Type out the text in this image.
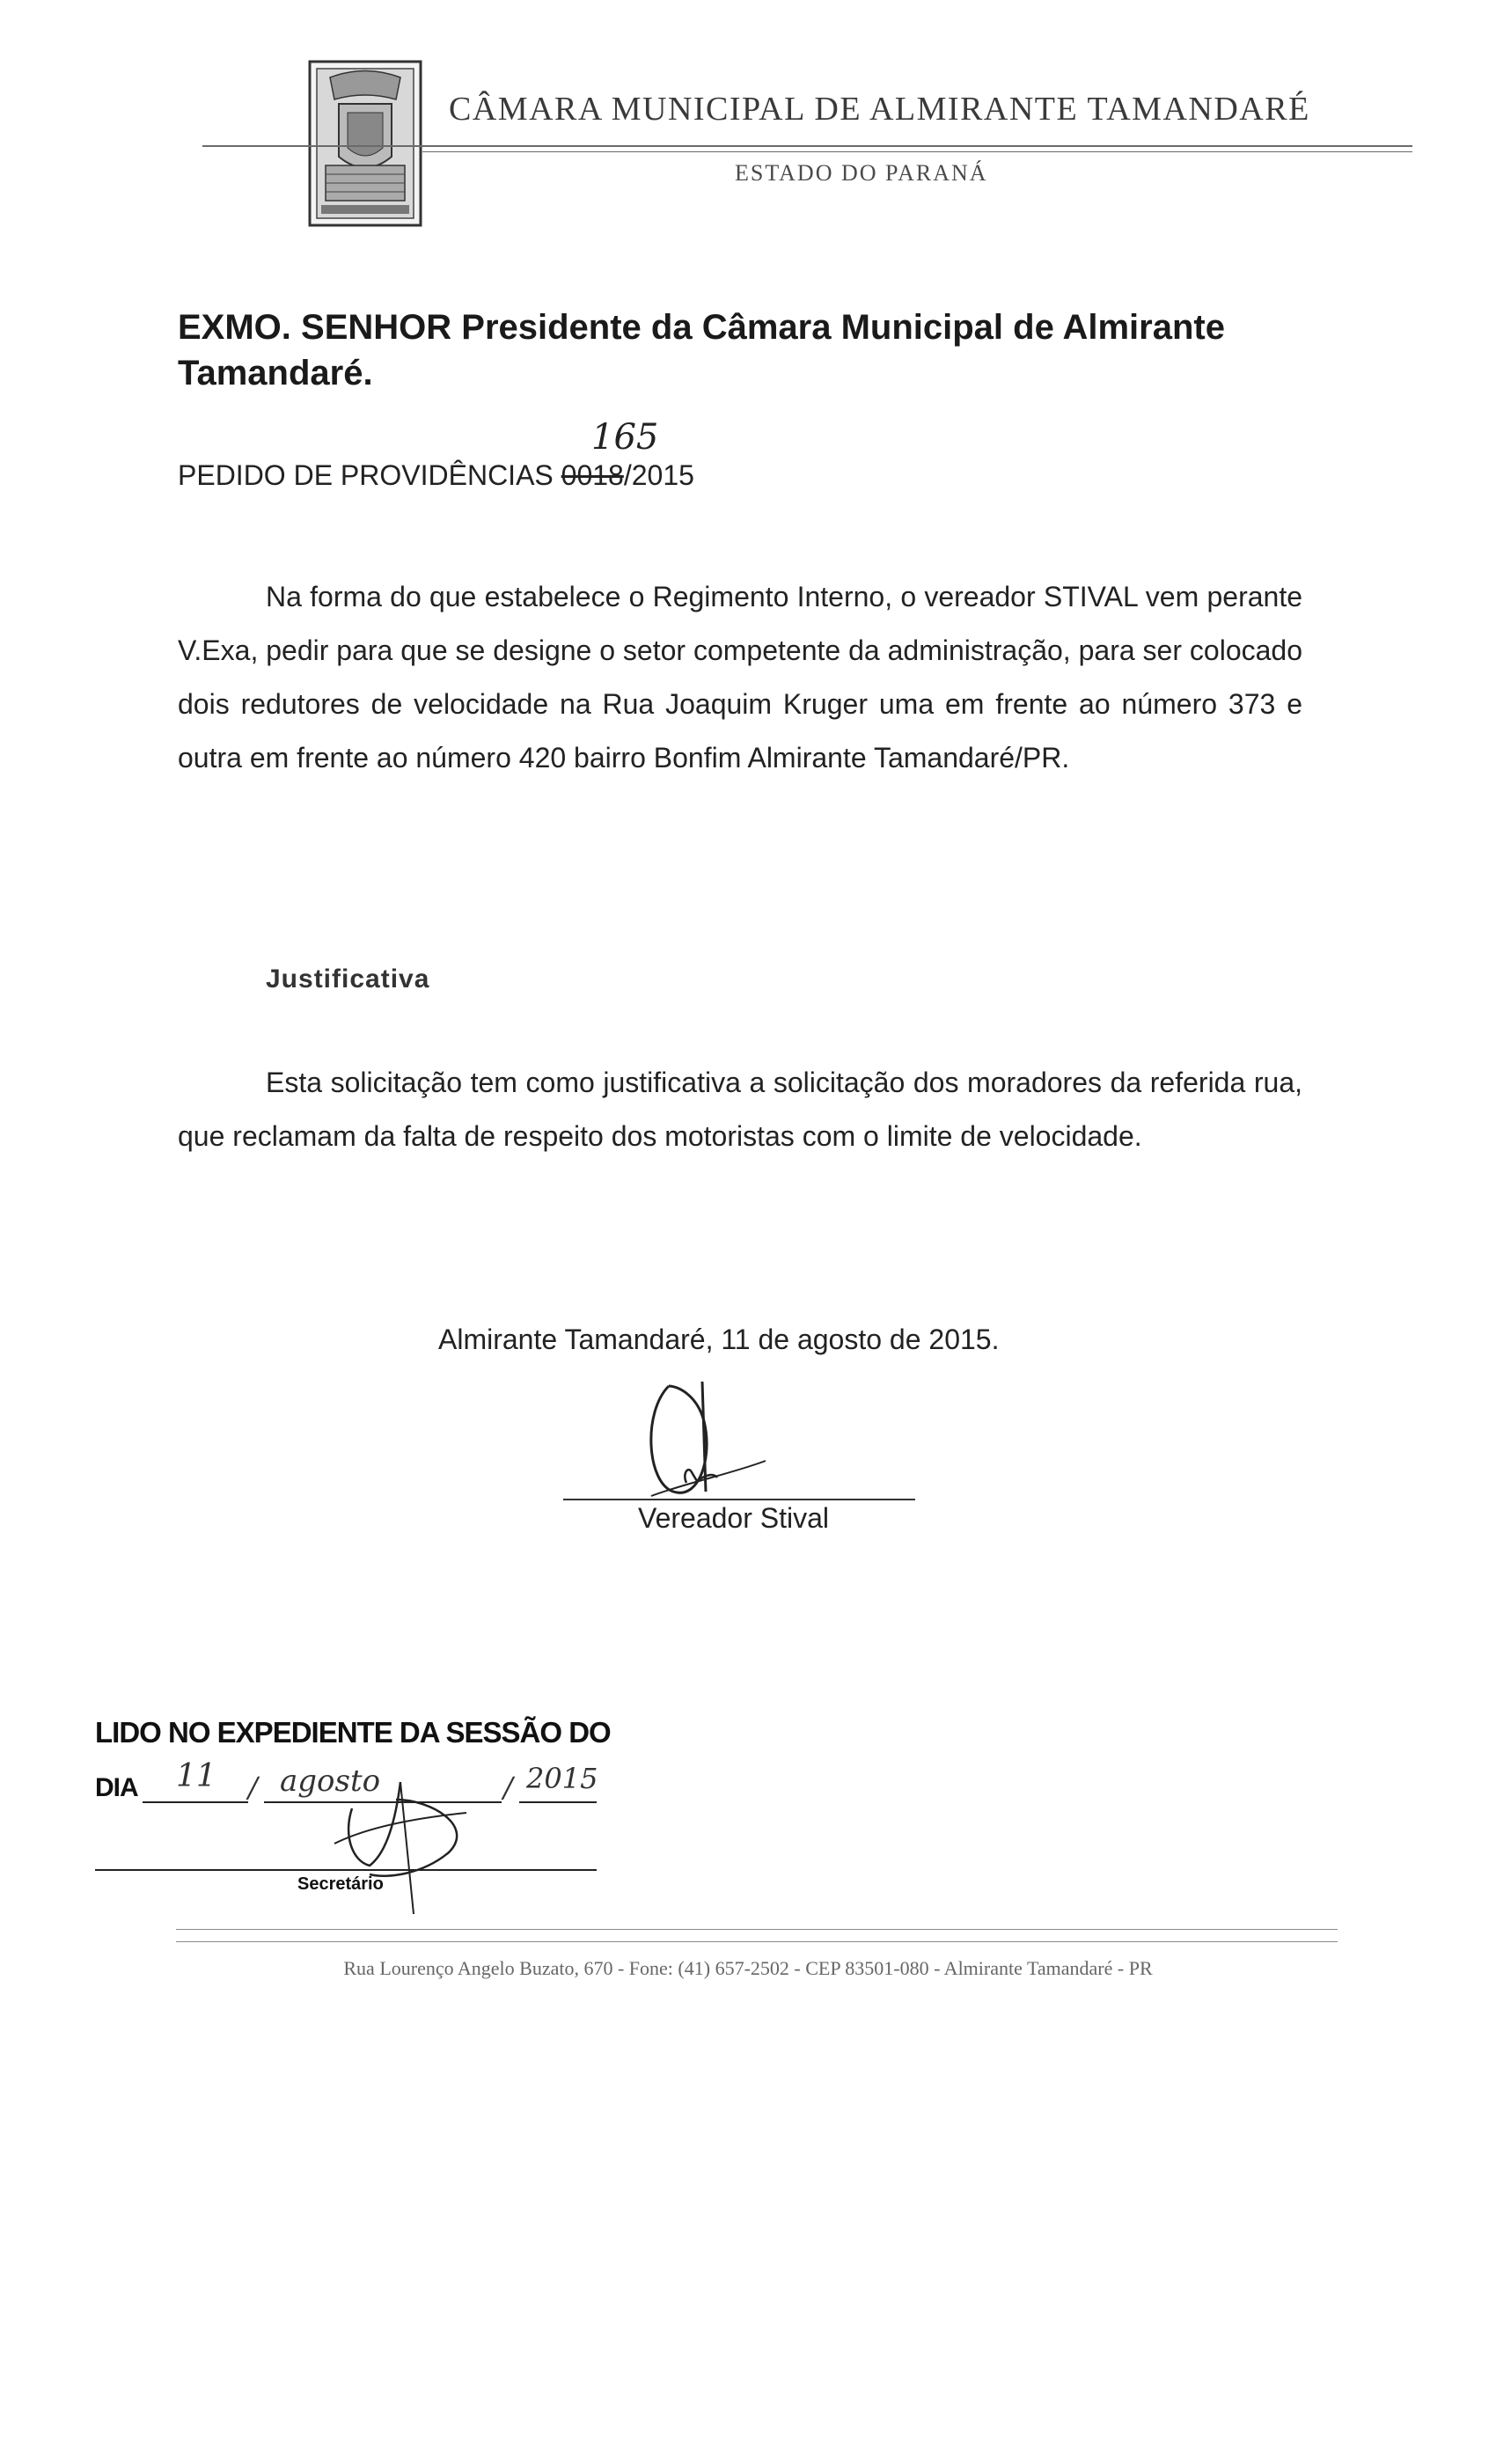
CÂMARA MUNICIPAL DE ALMIRANTE TAMANDARÉ
ESTADO DO PARANÁ
EXMO. SENHOR Presidente da Câmara Municipal de Almirante Tamandaré.
PEDIDO DE PROVIDÊNCIAS 0018/2015
165

Na forma do que estabelece o Regimento Interno, o vereador STIVAL vem perante V.Exa, pedir para que se designe o setor competente da administração, para ser colocado dois redutores de velocidade na Rua Joaquim Kruger uma em frente ao número 373 e outra em frente ao número 420 bairro Bonfim Almirante Tamandaré/PR.

Justificativa

Esta solicitação tem como justificativa a solicitação dos moradores da referida rua, que reclamam da falta de respeito dos motoristas com o limite de velocidade.

Almirante Tamandaré, 11 de agosto de 2015.
Vereador Stival
LIDO NO EXPEDIENTE DA SESSÃO DO
DIA 11 / agosto	/ 2015
Secretário
Rua Lourenço Angelo Buzato, 670 - Fone: (41) 657-2502 - CEP 83501-080 - Almirante Tamandaré - PR
